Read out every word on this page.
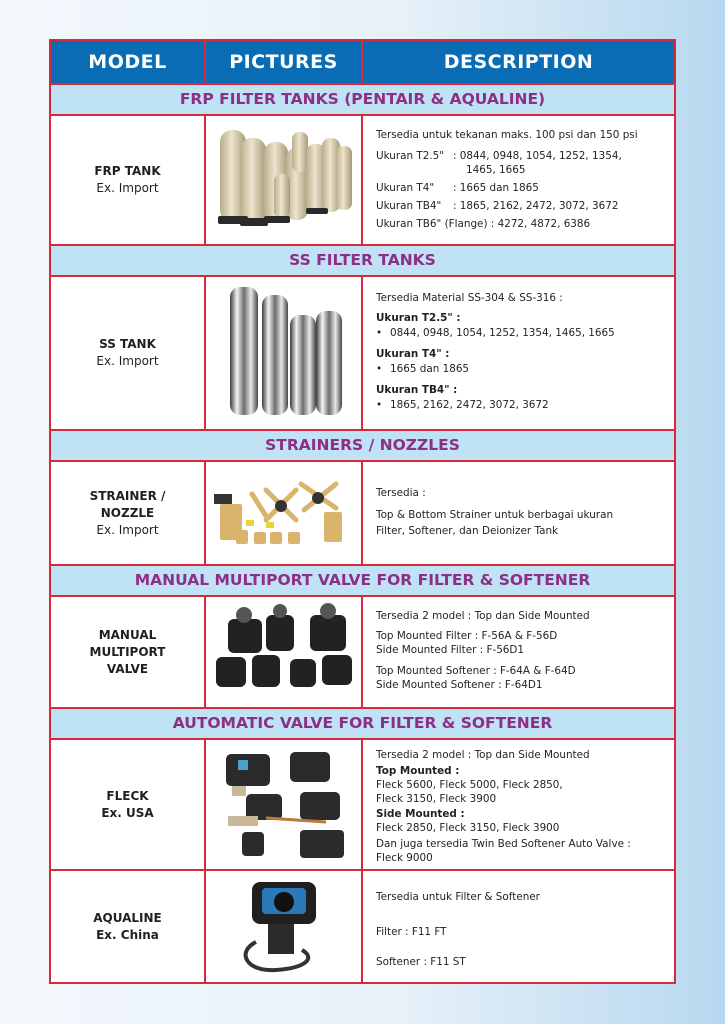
MODEL	PICTURES	DESCRIPTION
FRP FILTER TANKS (PENTAIR & AQUALINE)
FRP TANK
Ex. Import
Tersedia untuk tekanan maks. 100 psi dan 150 psi
Ukuran T2.5" : 0844, 0948, 1054, 1252, 1354,
1465, 1665
Ukuran T4" : 1665 dan 1865
Ukuran TB4" : 1865, 2162, 2472, 3072, 3672
Ukuran TB6" (Flange) : 4272, 4872, 6386
SS FILTER TANKS
SS TANK
Ex. Import
Tersedia Material SS-304 & SS-316 :
Ukuran T2.5" :
• 0844, 0948, 1054, 1252, 1354, 1465, 1665
Ukuran T4" :
• 1665 dan 1865
Ukuran TB4" :
• 1865, 2162, 2472, 3072, 3672
STRAINERS / NOZZLES
STRAINER /
NOZZLE
Ex. Import
Tersedia :
Top & Bottom Strainer untuk berbagai ukuran
Filter, Softener, dan Deionizer Tank
MANUAL MULTIPORT VALVE FOR FILTER & SOFTENER
MANUAL
MULTIPORT
VALVE
Tersedia 2 model : Top dan Side Mounted
Top Mounted Filter : F-56A & F-56D
Side Mounted Filter : F-56D1
Top Mounted Softener : F-64A & F-64D
Side Mounted Softener : F-64D1
AUTOMATIC VALVE FOR FILTER & SOFTENER
FLECK
Ex. USA
Tersedia 2 model : Top dan Side Mounted
Top Mounted :
Fleck 5600, Fleck 5000, Fleck 2850,
Fleck 3150, Fleck 3900
Side Mounted :
Fleck 2850, Fleck 3150, Fleck 3900
Dan juga tersedia Twin Bed Softener Auto Valve :
Fleck 9000
AQUALINE
Ex. China
Tersedia untuk Filter & Softener
Filter : F11 FT
Softener : F11 ST
